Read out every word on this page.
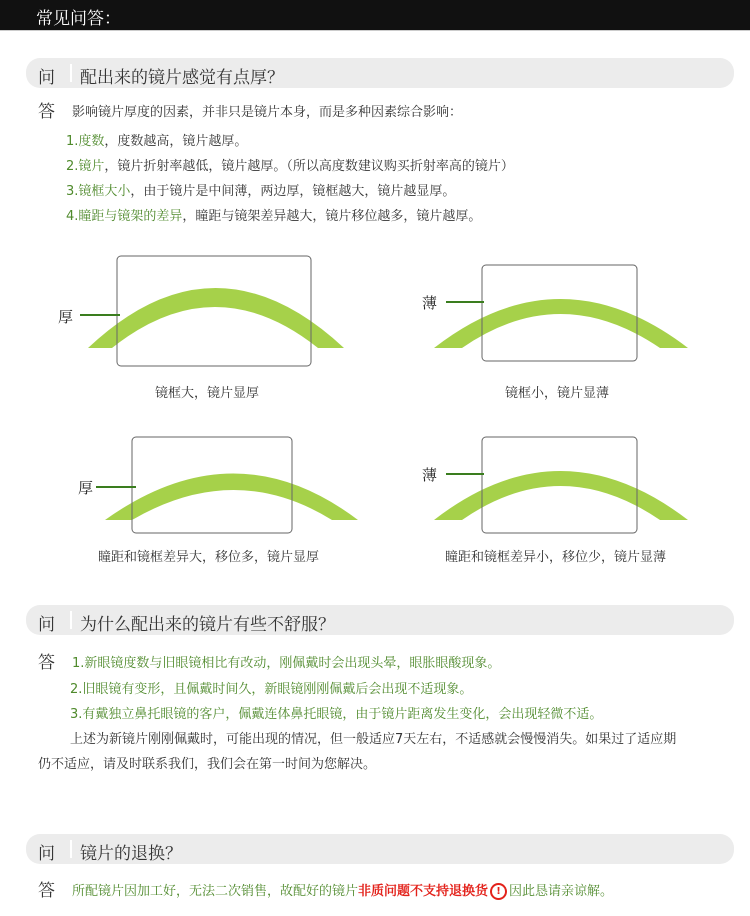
常见问答：
问 配出来的镜片感觉有点厚？
答 影响镜片厚度的因素，并非只是镜片本身，而是多种因素综合影响：
1.度数，度数越高，镜片越厚。
2.镜片，镜片折射率越低，镜片越厚。（所以高度数建议购买折射率高的镜片）
3.镜框大小，由于镜片是中间薄，两边厚，镜框越大，镜片越显厚。
4.瞳距与镜架的差异，瞳距与镜架差异越大，镜片移位越多，镜片越厚。
厚
镜框大，镜片显厚
薄
镜框小，镜片显薄
厚
瞳距和镜框差异大，移位多，镜片显厚
薄
瞳距和镜框差异小，移位少，镜片显薄
问 为什么配出来的镜片有些不舒服？
答 1.新眼镜度数与旧眼镜相比有改动，刚佩戴时会出现头晕，眼胀眼酸现象。
2.旧眼镜有变形，且佩戴时间久，新眼镜刚刚佩戴后会出现不适现象。
3.有戴独立鼻托眼镜的客户，佩戴连体鼻托眼镜，由于镜片距离发生变化，会出现轻微不适。
上述为新镜片刚刚佩戴时，可能出现的情况，但一般适应7天左右，不适感就会慢慢消失。如果过了适应期
仍不适应，请及时联系我们，我们会在第一时间为您解决。
问 镜片的退换？
答 所配镜片因加工好，无法二次销售，故配好的镜片非质问题不支持退换货 ! 因此恳请亲谅解。
